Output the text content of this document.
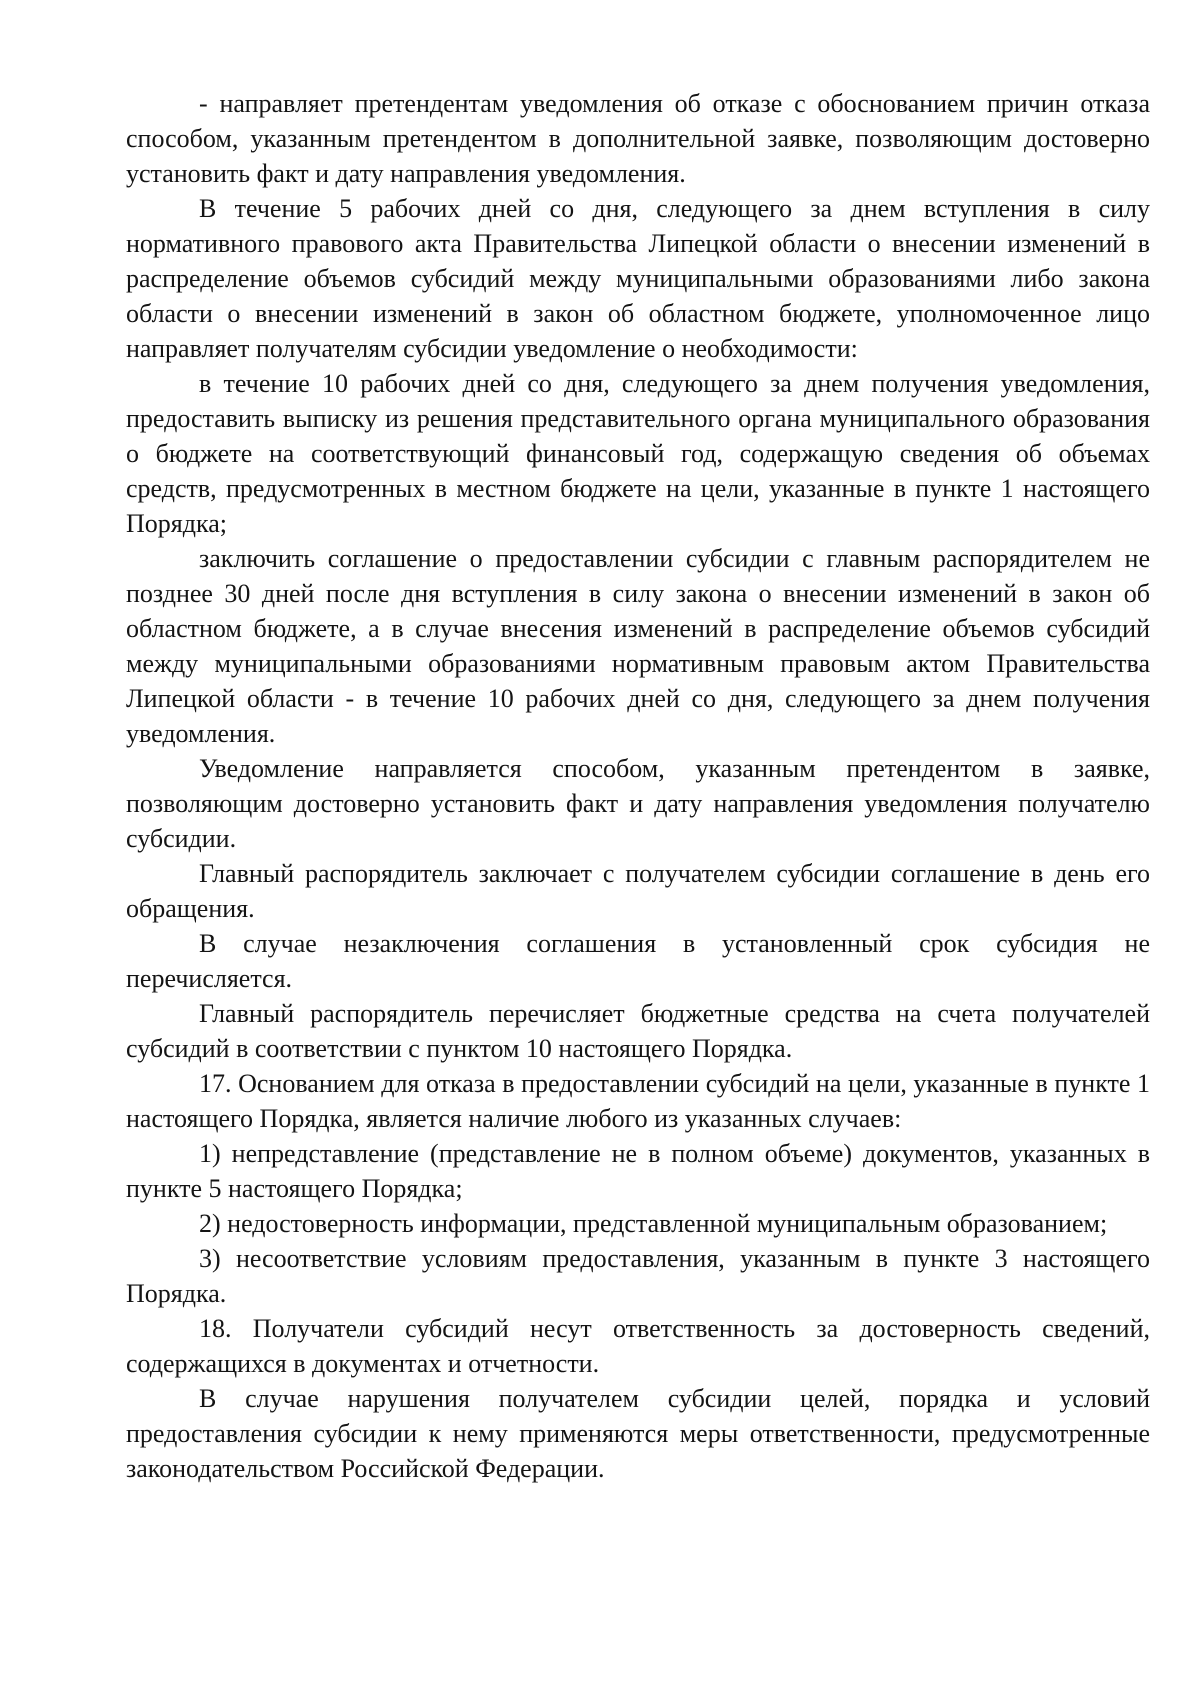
- направляет претендентам уведомления об отказе с обоснованием причин отказа способом, указанным претендентом в дополнительной заявке, позволяющим достоверно установить факт и дату направления уведомления.

В течение 5 рабочих дней со дня, следующего за днем вступления в силу нормативного правового акта Правительства Липецкой области о внесении изменений в распределение объемов субсидий между муниципальными образованиями либо закона области о внесении изменений в закон об областном бюджете, уполномоченное лицо направляет получателям субсидии уведомление о необходимости:

в течение 10 рабочих дней со дня, следующего за днем получения уведомления, предоставить выписку из решения представительного органа муниципального образования о бюджете на соответствующий финансовый год, содержащую сведения об объемах средств, предусмотренных в местном бюджете на цели, указанные в пункте 1 настоящего Порядка;

заключить соглашение о предоставлении субсидии с главным распорядителем не позднее 30 дней после дня вступления в силу закона о внесении изменений в закон об областном бюджете, а в случае внесения изменений в распределение объемов субсидий между муниципальными образованиями нормативным правовым актом Правительства Липецкой области - в течение 10 рабочих дней со дня, следующего за днем получения уведомления.

Уведомление направляется способом, указанным претендентом в заявке, позволяющим достоверно установить факт и дату направления уведомления получателю субсидии.

Главный распорядитель заключает с получателем субсидии соглашение в день его обращения.

В случае незаключения соглашения в установленный срок субсидия не перечисляется.

Главный распорядитель перечисляет бюджетные средства на счета получателей субсидий в соответствии с пунктом 10 настоящего Порядка.

17. Основанием для отказа в предоставлении субсидий на цели, указанные в пункте 1 настоящего Порядка, является наличие любого из указанных случаев:

1) непредставление (представление не в полном объеме) документов, указанных в пункте 5 настоящего Порядка;

2) недостоверность информации, представленной муниципальным образованием;

3) несоответствие условиям предоставления, указанным в пункте 3 настоящего Порядка.

18. Получатели субсидий несут ответственность за достоверность сведений, содержащихся в документах и отчетности.

В случае нарушения получателем субсидии целей, порядка и условий предоставления субсидии к нему применяются меры ответственности, предусмотренные законодательством Российской Федерации.
